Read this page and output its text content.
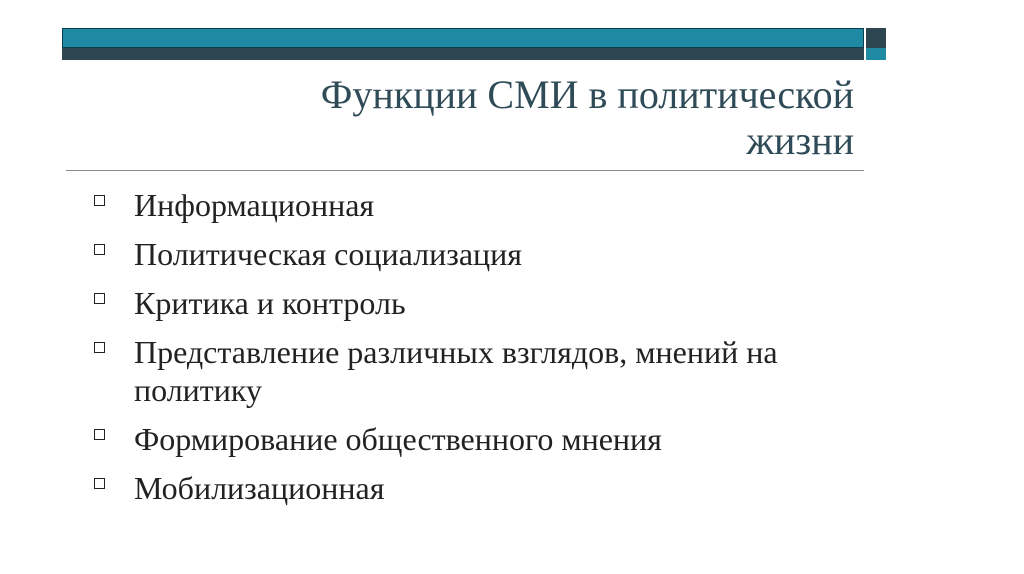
Функции СМИ в политической
жизни
Информационная
Политическая социализация
Критика и контроль
Представление различных взглядов, мнений на политику
Формирование общественного мнения
Мобилизационная
